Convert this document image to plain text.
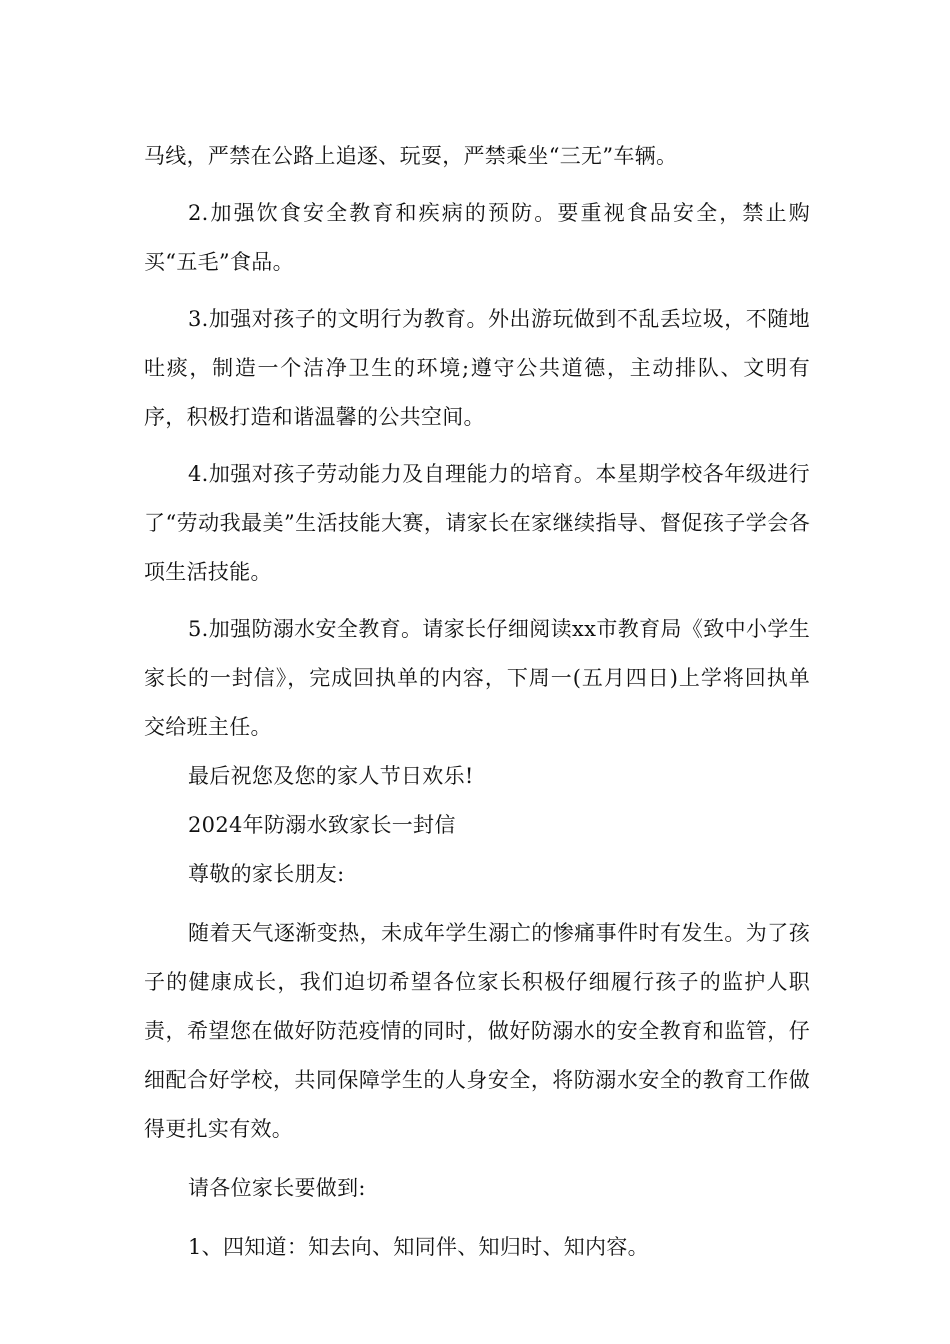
马线，严禁在公路上追逐、玩耍，严禁乘坐“三无”车辆。

2.加强饮食安全教育和疾病的预防。要重视食品安全，禁止购买“五毛”食品。

3.加强对孩子的文明行为教育。外出游玩做到不乱丢垃圾，不随地吐痰，制造一个洁净卫生的环境;遵守公共道德，主动排队、文明有序，积极打造和谐温馨的公共空间。

4.加强对孩子劳动能力及自理能力的培育。本星期学校各年级进行了“劳动我最美”生活技能大赛，请家长在家继续指导、督促孩子学会各项生活技能。

5.加强防溺水安全教育。请家长仔细阅读xx市教育局《致中小学生家长的一封信》，完成回执单的内容，下周一(五月四日)上学将回执单交给班主任。

最后祝您及您的家人节日欢乐!

2024年防溺水致家长一封信

尊敬的家长朋友:

随着天气逐渐变热，未成年学生溺亡的惨痛事件时有发生。为了孩子的健康成长，我们迫切希望各位家长积极仔细履行孩子的监护人职责，希望您在做好防范疫情的同时，做好防溺水的安全教育和监管，仔细配合好学校，共同保障学生的人身安全，将防溺水安全的教育工作做得更扎实有效。

请各位家长要做到:

1、四知道：知去向、知同伴、知归时、知内容。
